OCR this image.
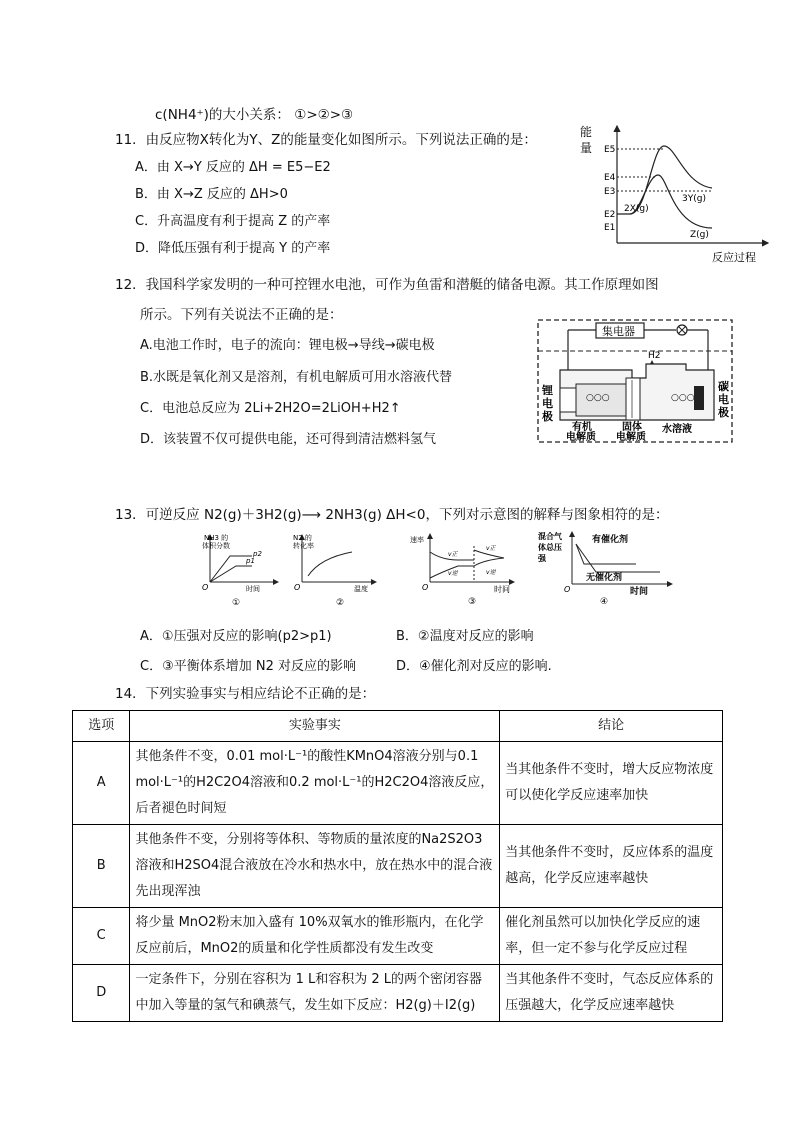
c(NH4⁺)的大小关系： ①>②>③
11．由反应物X转化为Y、Z的能量变化如图所示。下列说法正确的是：
A．由 X→Y 反应的 ΔH = E5−E2
B．由 X→Z 反应的 ΔH>0
C．升高温度有利于提高 Z 的产率
D．降低压强有利于提高 Y 的产率
能
量
反应过程
E5
E4
E3
E2
E1
2X(g)
3Y(g)
Z(g)
12．我国科学家发明的一种可控锂水电池，可作为鱼雷和潜艇的储备电源。其工作原理如图
所示。下列有关说法不正确的是：
A.电池工作时，电子的流向：锂电极→导线→碳电极
B.水既是氧化剂又是溶剂，有机电解质可用水溶液代替
C．电池总反应为 2Li+2H2O=2LiOH+H2↑
D．该装置不仅可提供电能，还可得到清洁燃料氢气
集电器
H2
○○○	○○○
锂
电
极
碳
电
极
有机
电解质
固体
电解质
水溶液
13．可逆反应 N2(g)＋3H2(g)⟶ 2NH3(g) ΔH<0，下列对示意图的解释与图象相符的是：
NH3 的
体积分数
p2
p1
O	时间
①
N2 的
转化率
O	温度
②
速率
v正
v逆
v正
v逆
O	时间
③
混合气
体总压
强
有催化剂
无催化剂
O	时间
④
A．①压强对反应的影响(p2>p1)	B．②温度对反应的影响
C．③平衡体系增加 N2 对反应的影响	D．④催化剂对反应的影响.
14．下列实验事实与相应结论不正确的是：
选项	实验事实	结论
A	其他条件不变，0.01 mol·L⁻¹的酸性KMnO4溶液分别与0.1 mol·L⁻¹的H2C2O4溶液和0.2 mol·L⁻¹的H2C2O4溶液反应，后者褪色时间短	当其他条件不变时，增大反应物浓度可以使化学反应速率加快
B	其他条件不变，分别将等体积、等物质的量浓度的Na2S2O3溶液和H2SO4混合液放在冷水和热水中，放在热水中的混合液先出现浑浊	当其他条件不变时，反应体系的温度越高，化学反应速率越快
C	将少量 MnO2粉末加入盛有 10%双氧水的锥形瓶内，在化学反应前后，MnO2的质量和化学性质都没有发生改变	催化剂虽然可以加快化学反应的速率，但一定不参与化学反应过程
D	一定条件下，分别在容积为 1 L和容积为 2 L的两个密闭容器中加入等量的氢气和碘蒸气，发生如下反应：H2(g)＋I2(g)	当其他条件不变时，气态反应体系的压强越大，化学反应速率越快
